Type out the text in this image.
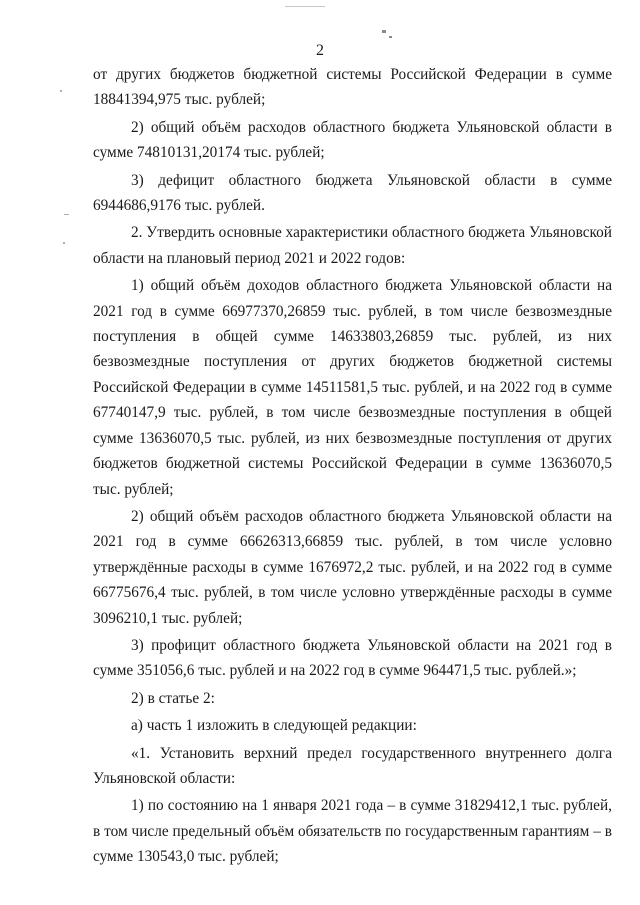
2

от других бюджетов бюджетной системы Российской Федерации в сумме 18841394,975 тыс. рублей;

2) общий объём расходов областного бюджета Ульяновской области в сумме 74810131,20174 тыс. рублей;

3) дефицит областного бюджета Ульяновской области в сумме 6944686,9176 тыс. рублей.

2. Утвердить основные характеристики областного бюджета Ульяновской области на плановый период 2021 и 2022 годов:

1) общий объём доходов областного бюджета Ульяновской области на 2021 год в сумме 66977370,26859 тыс. рублей, в том числе безвозмездные поступления в общей сумме 14633803,26859 тыс. рублей, из них безвозмездные поступления от других бюджетов бюджетной системы Российской Федерации в сумме 14511581,5 тыс. рублей, и на 2022 год в сумме 67740147,9 тыс. рублей, в том числе безвозмездные поступления в общей сумме 13636070,5 тыс. рублей, из них безвозмездные поступления от других бюджетов бюджетной системы Российской Федерации в сумме 13636070,5 тыс. рублей;

2) общий объём расходов областного бюджета Ульяновской области на 2021 год в сумме 66626313,66859 тыс. рублей, в том числе условно утверждённые расходы в сумме 1676972,2 тыс. рублей, и на 2022 год в сумме 66775676,4 тыс. рублей, в том числе условно утверждённые расходы в сумме 3096210,1 тыс. рублей;

3) профицит областного бюджета Ульяновской области на 2021 год в сумме 351056,6 тыс. рублей и на 2022 год в сумме 964471,5 тыс. рублей.»;

2) в статье 2:

а) часть 1 изложить в следующей редакции:

«1. Установить верхний предел государственного внутреннего долга Ульяновской области:

1) по состоянию на 1 января 2021 года – в сумме 31829412,1 тыс. рублей, в том числе предельный объём обязательств по государственным гарантиям – в сумме 130543,0 тыс. рублей;
